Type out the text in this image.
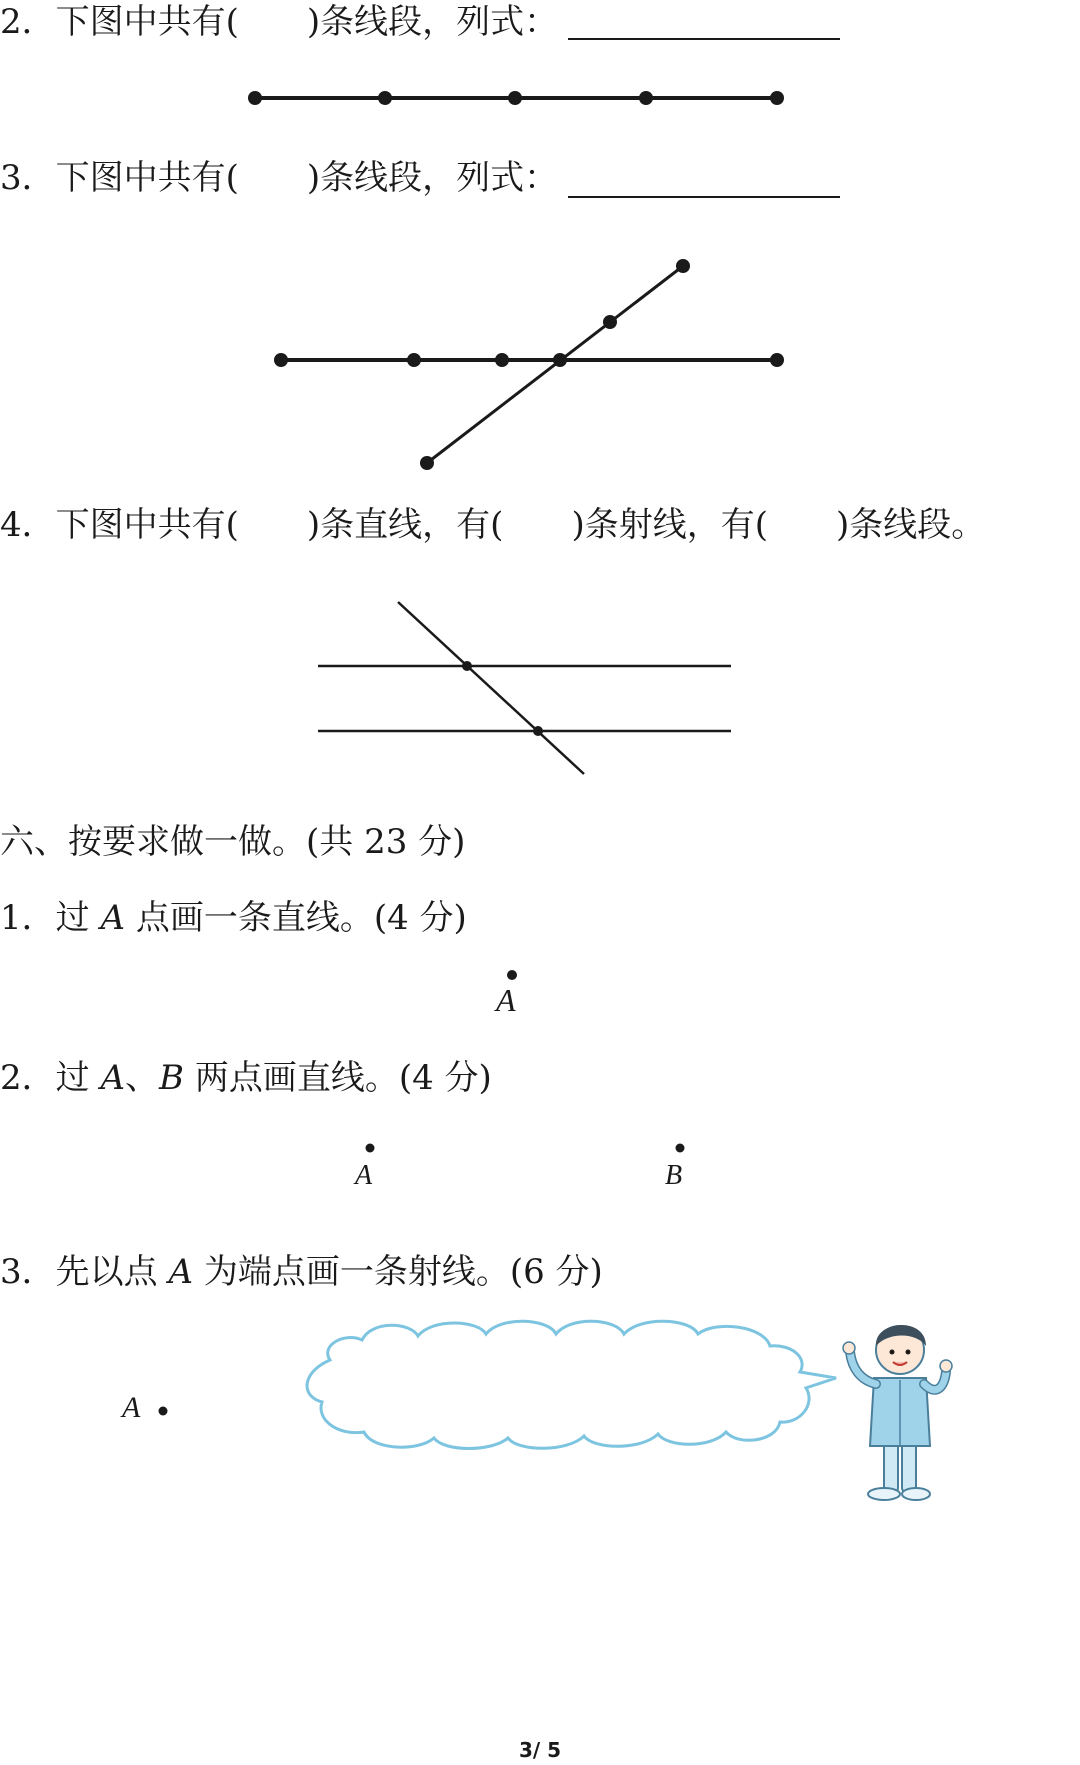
2．下图中共有( )条线段，列式：
3．下图中共有( )条线段，列式：
4．下图中共有( )条直线，有( )条射线，有( )条线段。
六、按要求做一做。(共 23 分)
1．过 A 点画一条直线。(4 分)
2．过 A、B 两点画直线。(4 分)
3．先以点 A 为端点画一条射线。(6 分)
A
A	B
A
3/ 5
